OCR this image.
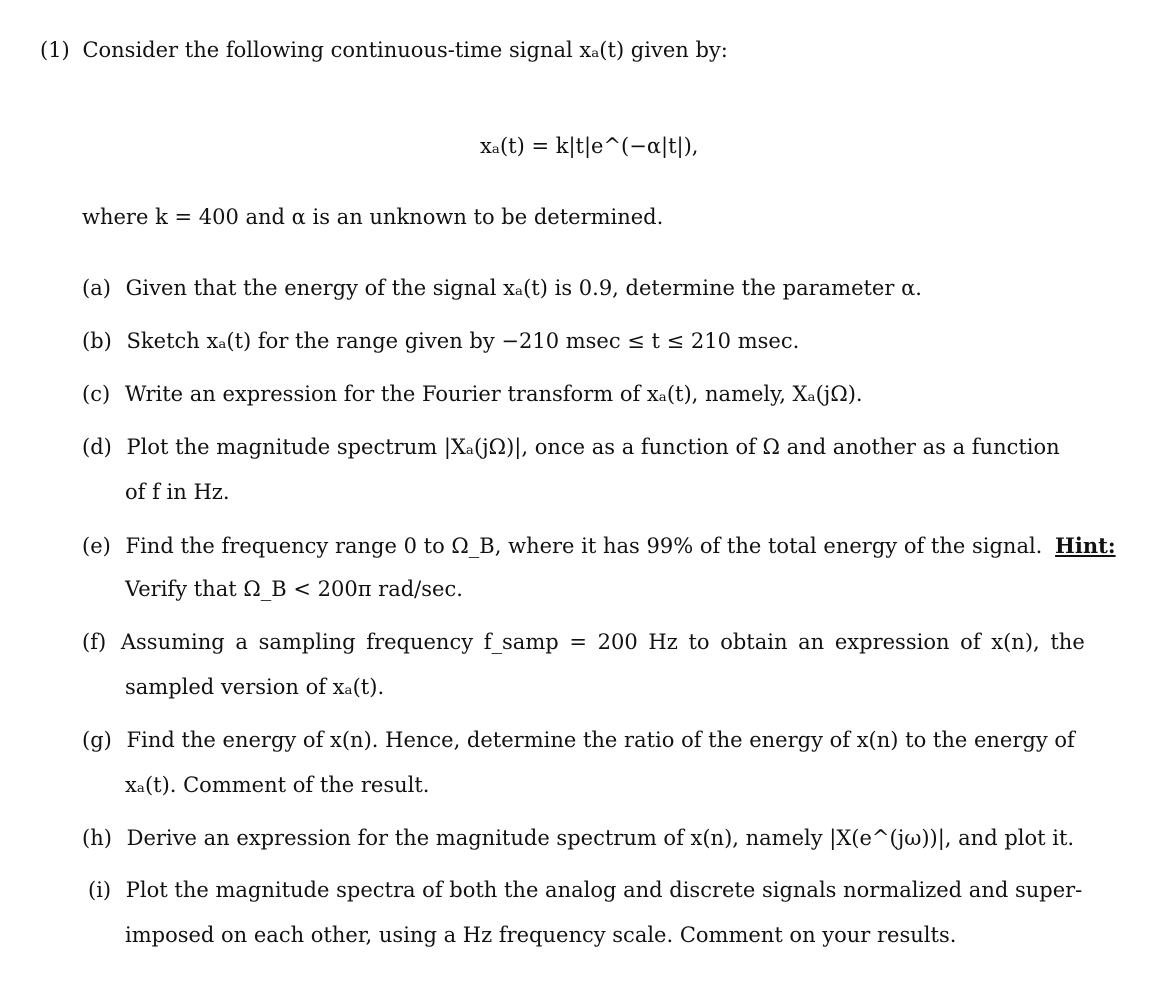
(1) Consider the following continuous-time signal xₐ(t) given by:
xₐ(t) = k|t|e^(−α|t|),
where k = 400 and α is an unknown to be determined.
(a) Given that the energy of the signal xₐ(t) is 0.9, determine the parameter α.
(b) Sketch xₐ(t) for the range given by −210 msec ≤ t ≤ 210 msec.
(c) Write an expression for the Fourier transform of xₐ(t), namely, Xₐ(jΩ).
(d) Plot the magnitude spectrum |Xₐ(jΩ)|, once as a function of Ω and another as a function
of f in Hz.
(e) Find the frequency range 0 to Ω_B, where it has 99% of the total energy of the signal. Hint:
Verify that Ω_B < 200π rad/sec.
(f) Assuming a sampling frequency f_samp = 200 Hz to obtain an expression of x(n), the
sampled version of xₐ(t).
(g) Find the energy of x(n). Hence, determine the ratio of the energy of x(n) to the energy of
xₐ(t). Comment of the result.
(h) Derive an expression for the magnitude spectrum of x(n), namely |X(e^(jω))|, and plot it.
(i) Plot the magnitude spectra of both the analog and discrete signals normalized and super-
imposed on each other, using a Hz frequency scale. Comment on your results.
